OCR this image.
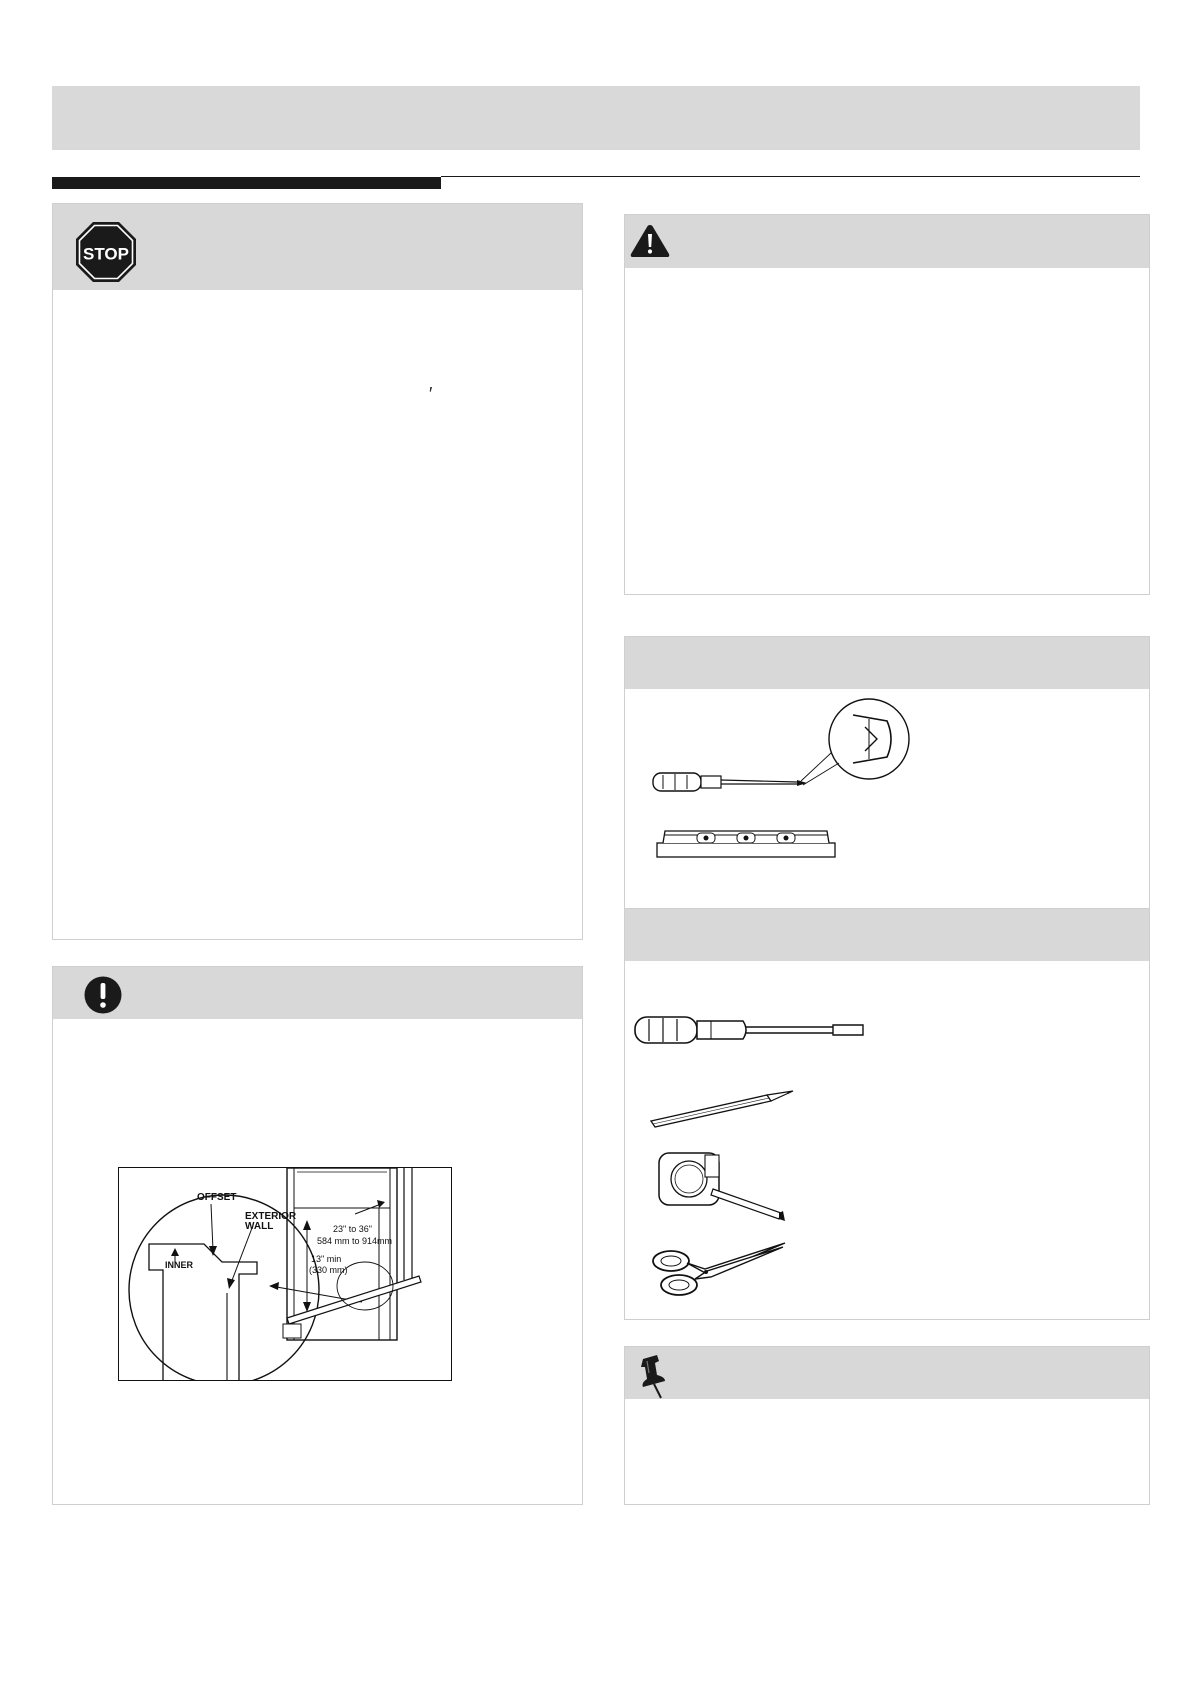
STOP
′
OFFSET
EXTERIOR
WALL
INNER
23" to 36"
584 mm to 914mm
13" min
(330 mm)
